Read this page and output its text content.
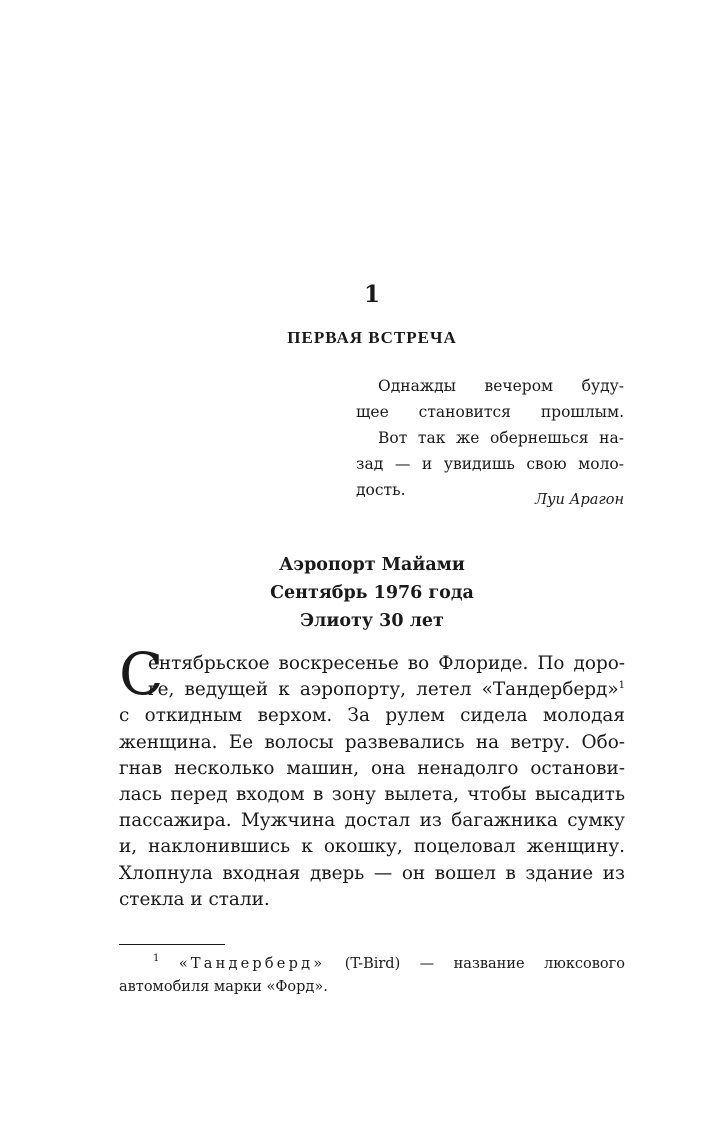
1
ПЕРВАЯ ВСТРЕЧА
Однажды вечером буду-
щее становится прошлым.
Вот так же обернешься на-
зад — и увидишь свою моло-
дость.
Луи Арагон
Аэропорт Майами
Сентябрь 1976 года
Элиоту 30 лет
С
ентябрьское воскресенье во Флориде. По доро-
ге, ведущей к аэропорту, летел «Тандерберд»$^1$
с откидным верхом. За рулем сидела молодая
женщина. Ее волосы развевались на ветру. Обо-
гнав несколько машин, она ненадолго останови-
лась перед входом в зону вылета, чтобы высадить
пассажира. Мужчина достал из багажника сумку
и, наклонившись к окошку, поцеловал женщину.
Хлопнула входная дверь — он вошел в здание из
стекла и стали.
$^1$ «Тандерберд» (T-Bird) — название люксового
автомобиля марки «Форд».
